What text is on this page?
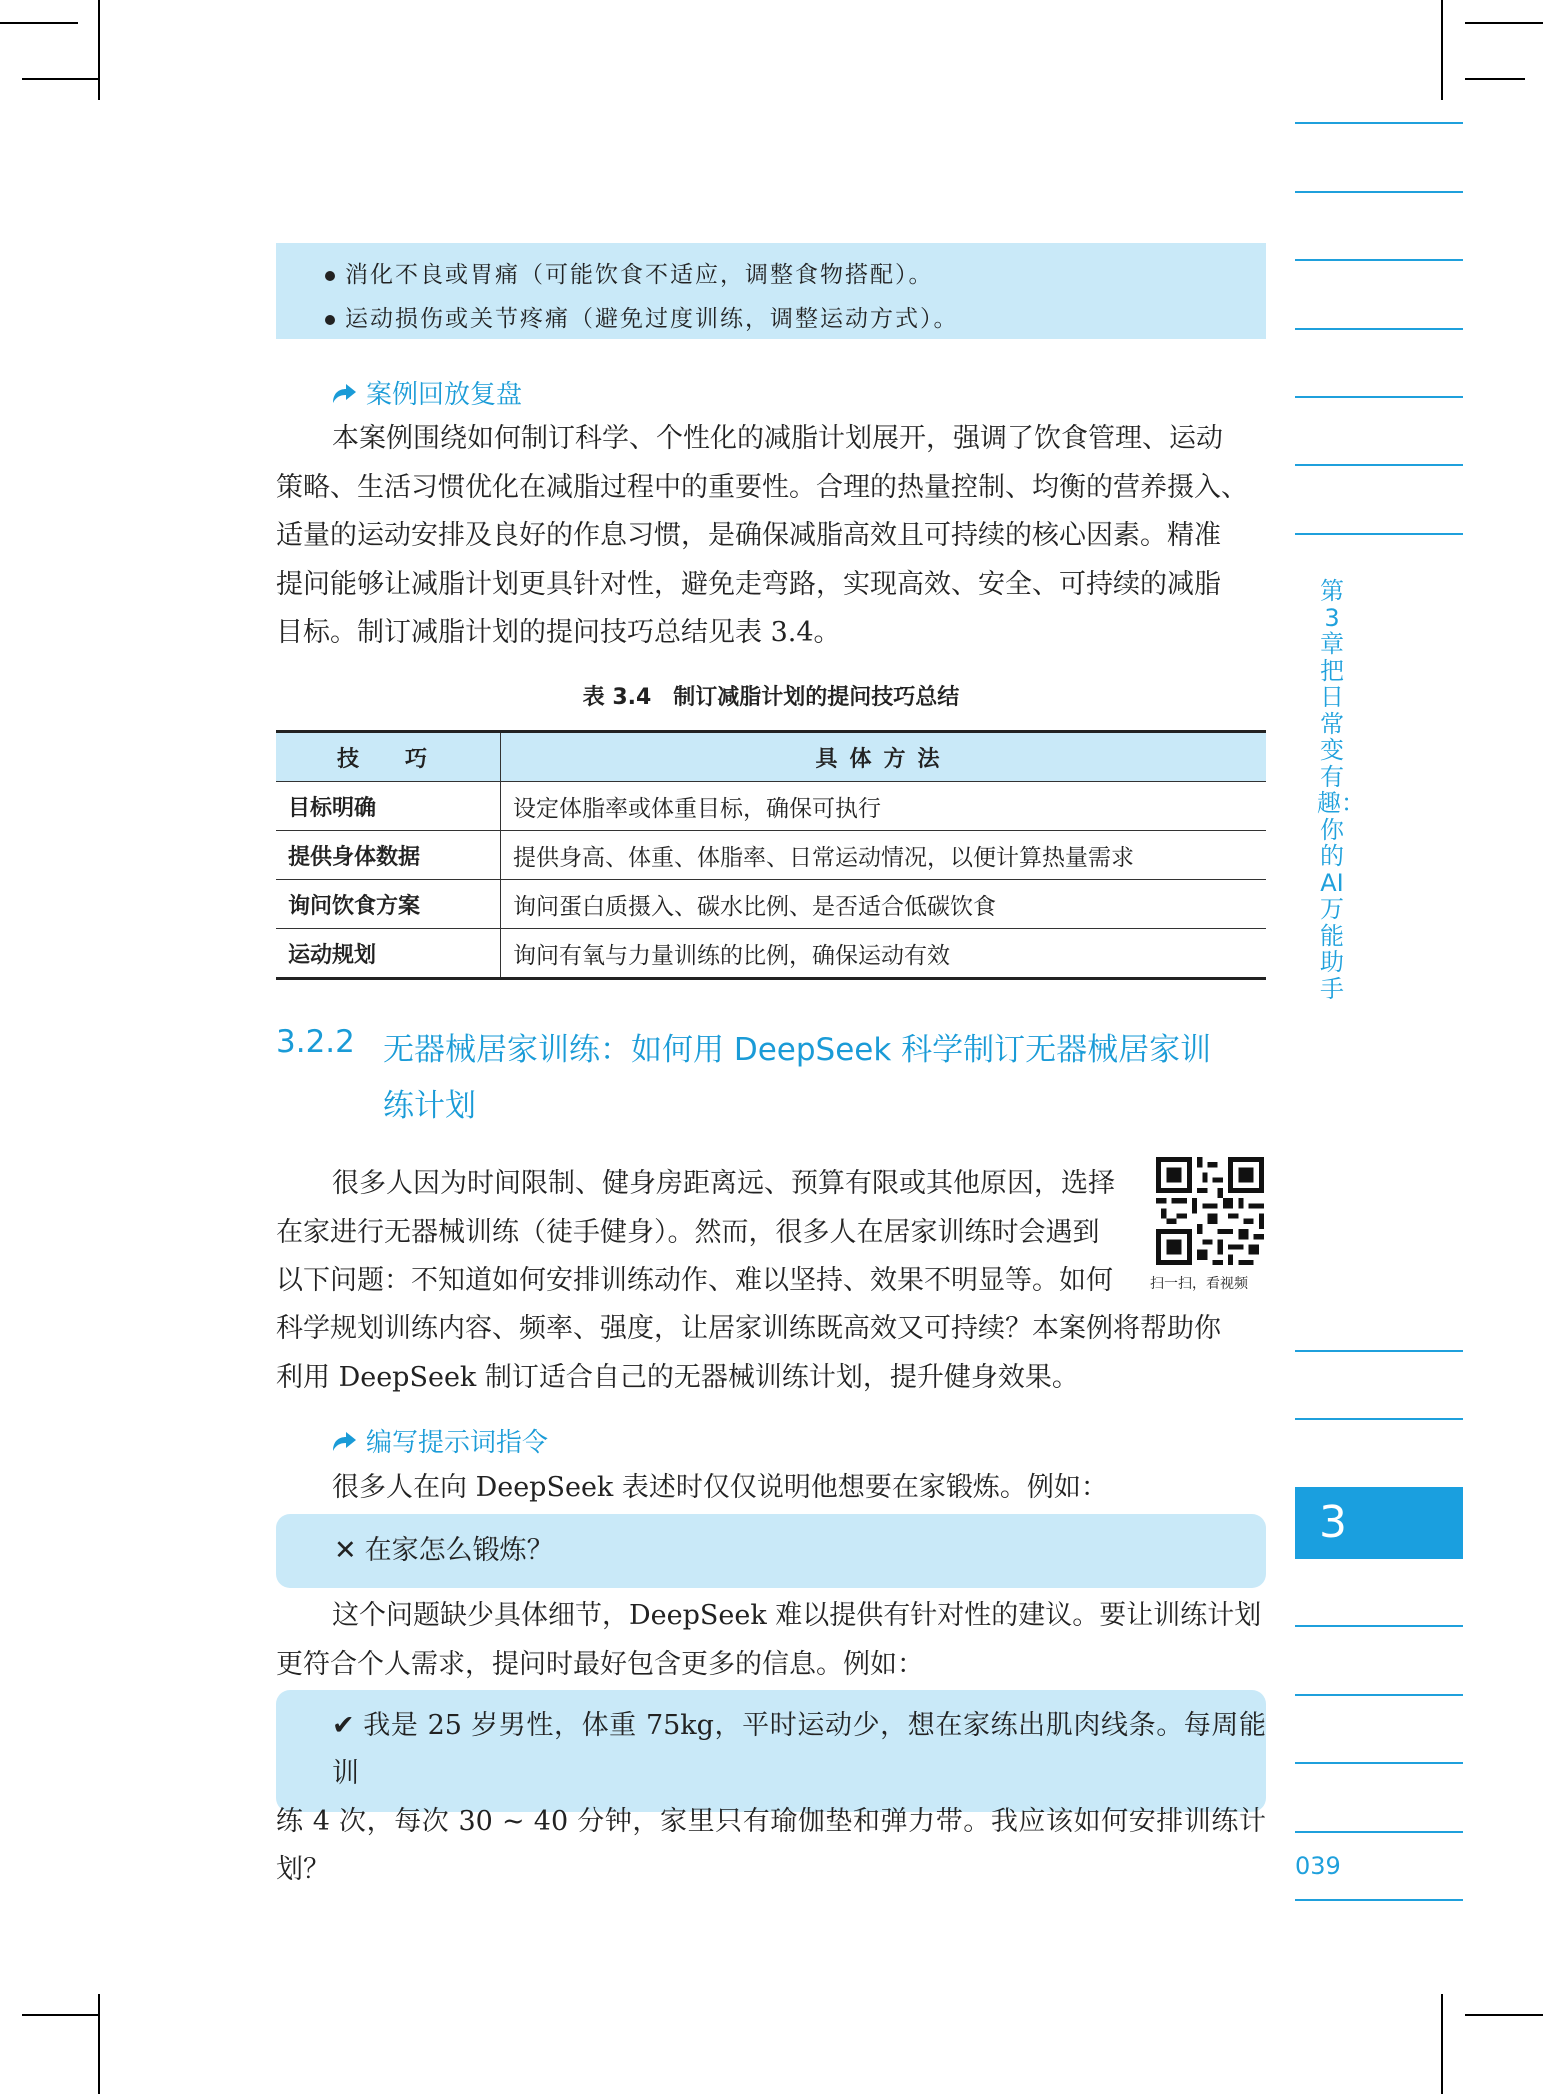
第3章　把日常变有趣：你的AI万能助手
3
039
消化不良或胃痛（可能饮食不适应，调整食物搭配）。
运动损伤或关节疼痛（避免过度训练，调整运动方式）。
案例回放复盘

本案例围绕如何制订科学、个性化的减脂计划展开，强调了饮食管理、运动

策略、生活习惯优化在减脂过程中的重要性。合理的热量控制、均衡的营养摄入、

适量的运动安排及良好的作息习惯，是确保减脂高效且可持续的核心因素。精准

提问能够让减脂计划更具针对性，避免走弯路，实现高效、安全、可持续的减脂

目标。制订减脂计划的提问技巧总结见表 3.4。

表 3.4　制订减脂计划的提问技巧总结
技　巧	具体方法
目标明确	设定体脂率或体重目标，确保可执行
提供身体数据	提供身高、体重、体脂率、日常运动情况，以便计算热量需求
询问饮食方案	询问蛋白质摄入、碳水比例、是否适合低碳饮食
运动规划	询问有氧与力量训练的比例，确保运动有效
3.2.2 无器械居家训练：如何用 DeepSeek 科学制订无器械居家训
练计划

很多人因为时间限制、健身房距离远、预算有限或其他原因，选择

在家进行无器械训练（徒手健身）。然而，很多人在居家训练时会遇到

以下问题：不知道如何安排训练动作、难以坚持、效果不明显等。如何

科学规划训练内容、频率、强度，让居家训练既高效又可持续？本案例将帮助你

利用 DeepSeek 制订适合自己的无器械训练计划，提升健身效果。

扫一扫，看视频
编写提示词指令

很多人在向 DeepSeek 表述时仅仅说明他想要在家锻炼。例如：

✕ 在家怎么锻炼？

这个问题缺少具体细节，DeepSeek 难以提供有针对性的建议。要让训练计划

更符合个人需求，提问时最好包含更多的信息。例如：

✔ 我是 25 岁男性，体重 75kg，平时运动少，想在家练出肌肉线条。每周能训
练 4 次，每次 30 ~ 40 分钟，家里只有瑜伽垫和弹力带。我应该如何安排训练计划？
